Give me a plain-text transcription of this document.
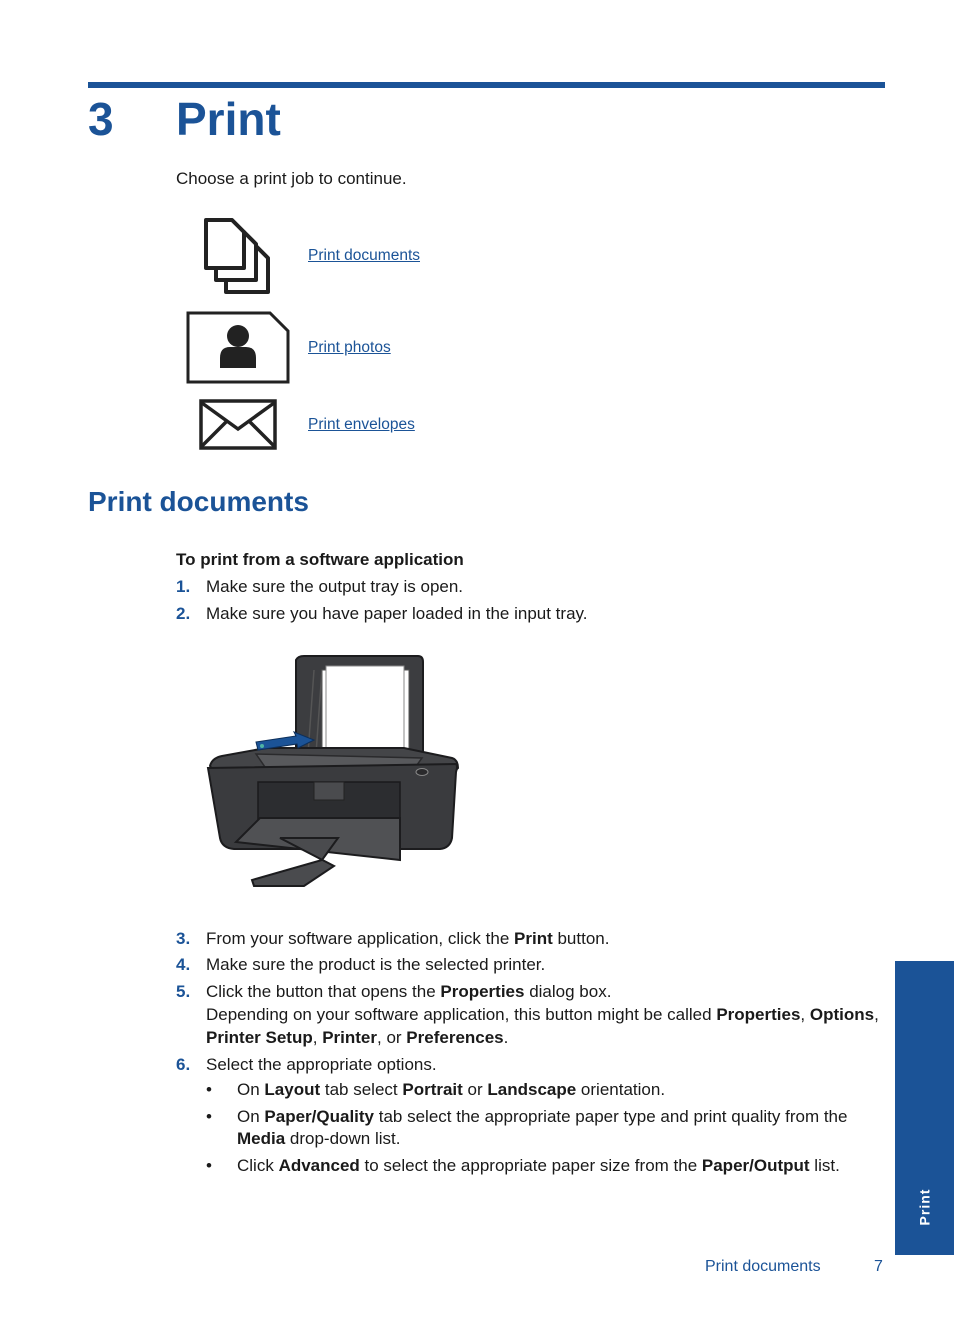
3 Print
Choose a print job to continue.
Print documents
Print photos
Print envelopes
Print documents
To print from a software application
1. Make sure the output tray is open.
2. Make sure you have paper loaded in the input tray.
3. From your software application, click the Print button.
4. Make sure the product is the selected printer.
5. Click the button that opens the Properties dialog box.
Depending on your software application, this button might be called Properties, Options, Printer Setup, Printer, or Preferences.
6. Select the appropriate options.
• On Layout tab select Portrait or Landscape orientation.
• On Paper/Quality tab select the appropriate paper type and print quality from the Media drop-down list.
• Click Advanced to select the appropriate paper size from the Paper/Output list.
Print
Print documents	7
